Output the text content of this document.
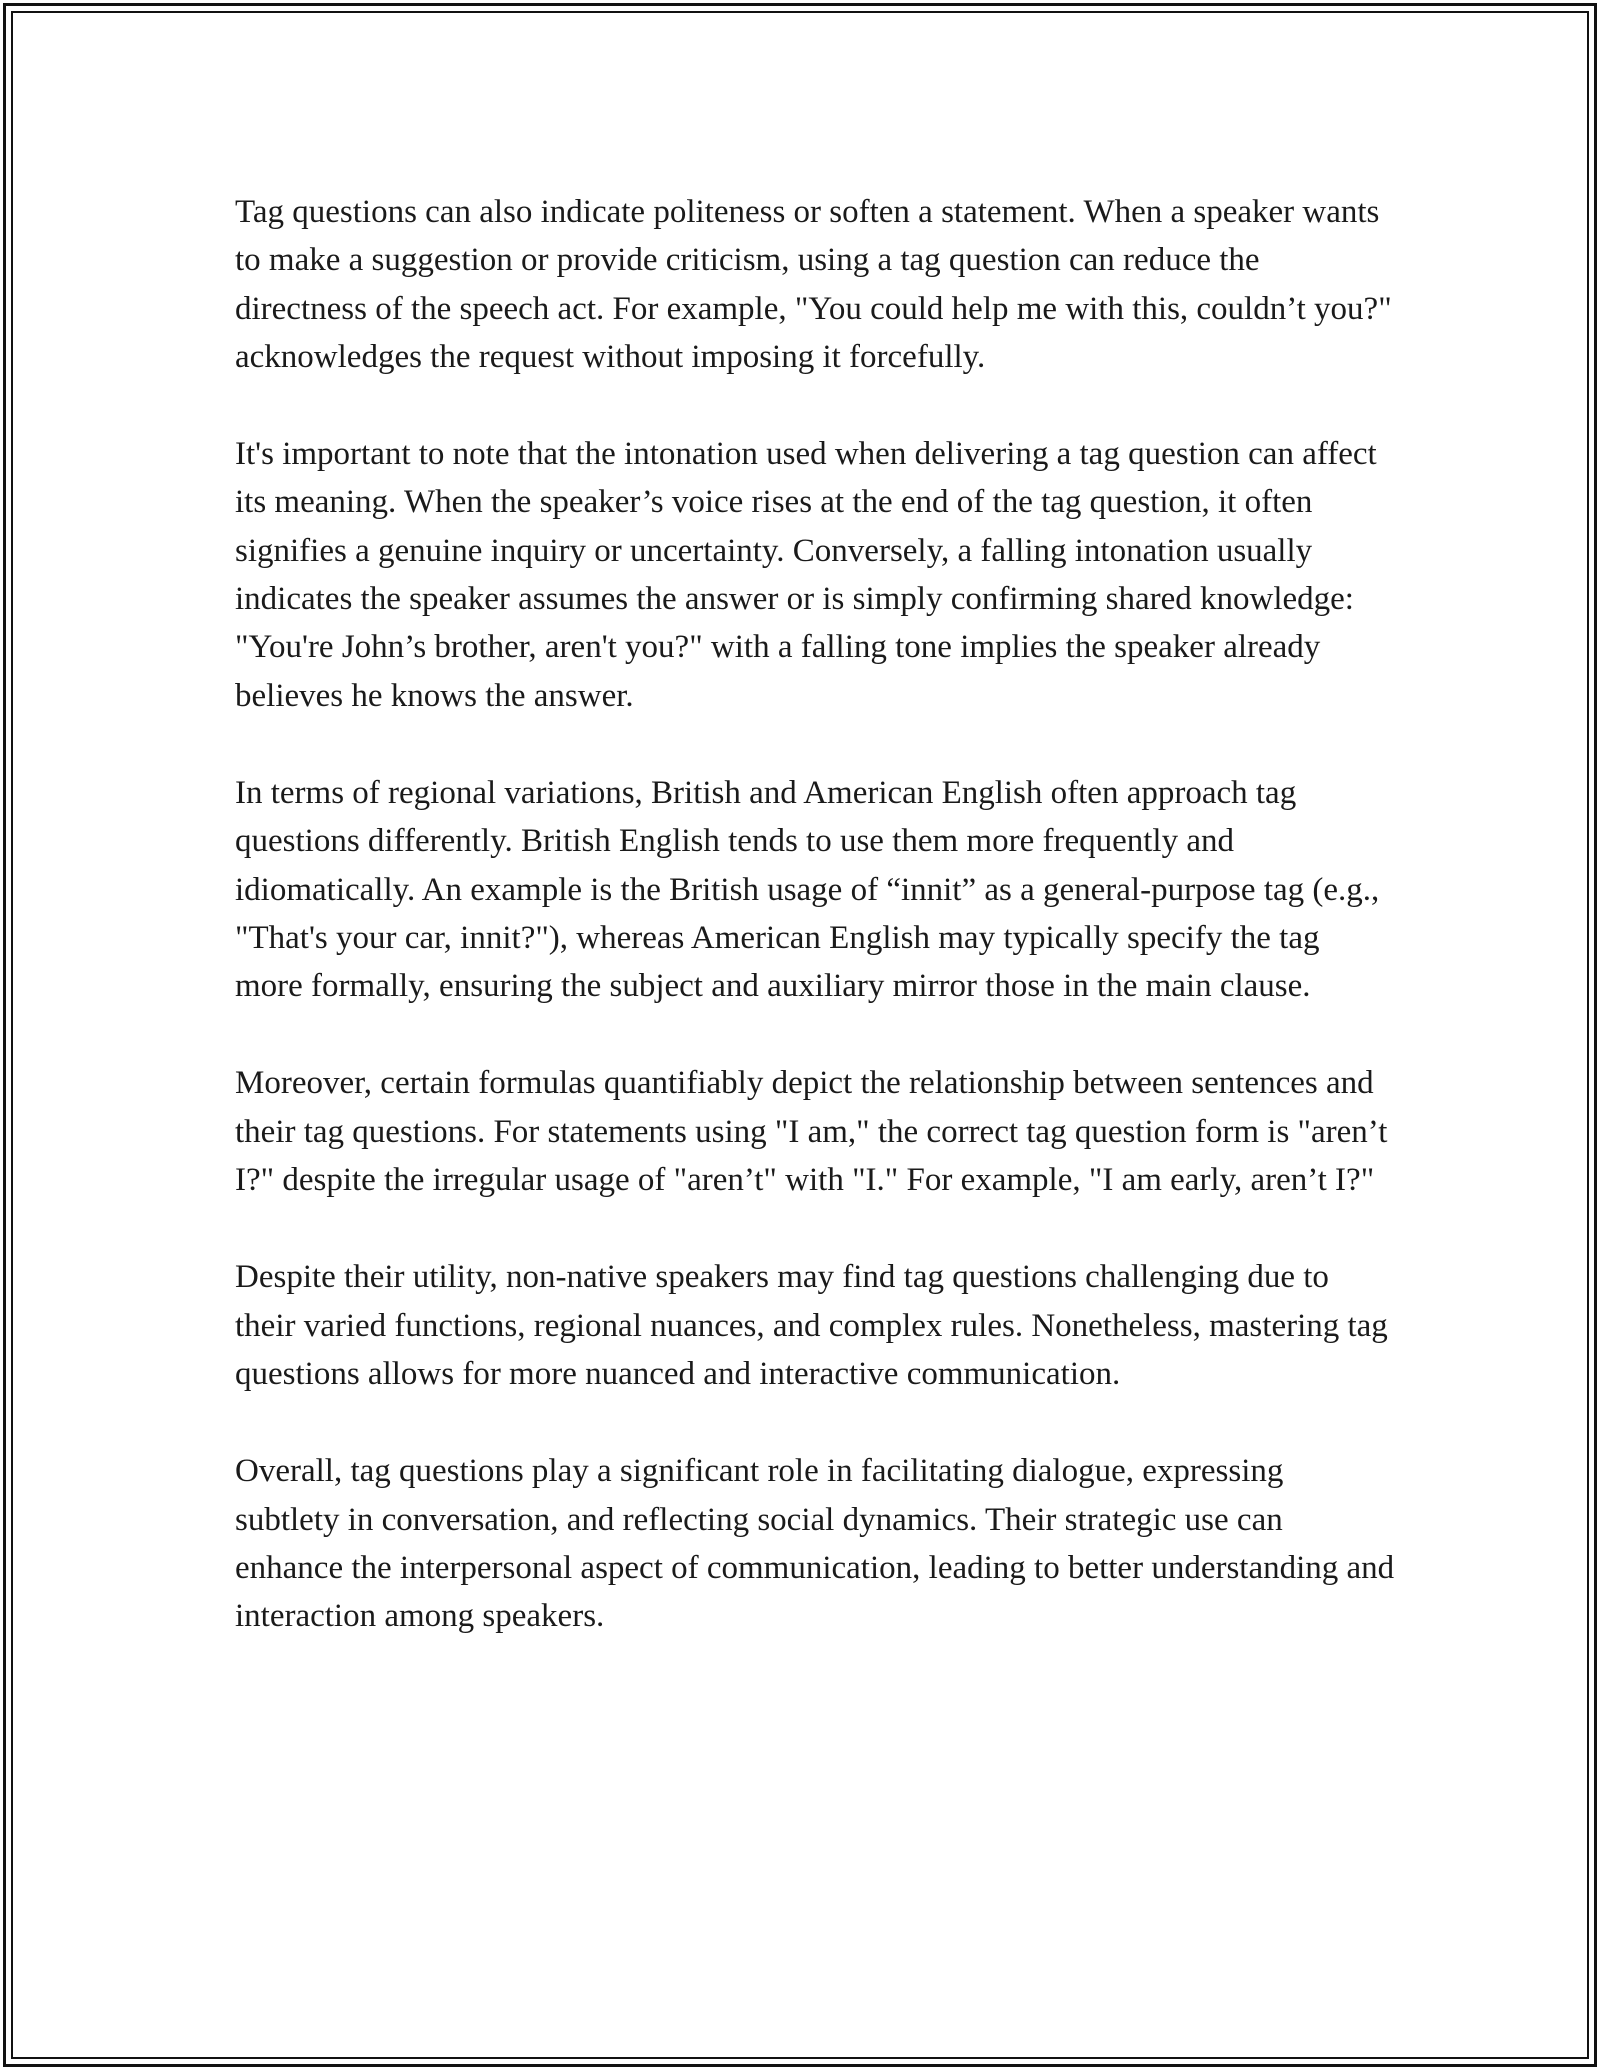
Tag questions can also indicate politeness or soften a statement. When a speaker wants to make a suggestion or provide criticism, using a tag question can reduce the directness of the speech act. For example, "You could help me with this, couldn’t you?" acknowledges the request without imposing it forcefully.

It's important to note that the intonation used when delivering a tag question can affect its meaning. When the speaker’s voice rises at the end of the tag question, it often signifies a genuine inquiry or uncertainty. Conversely, a falling intonation usually indicates the speaker assumes the answer or is simply confirming shared knowledge: "You're John’s brother, aren't you?" with a falling tone implies the speaker already believes he knows the answer.

In terms of regional variations, British and American English often approach tag questions differently. British English tends to use them more frequently and idiomatically. An example is the British usage of “innit” as a general-purpose tag (e.g., "That's your car, innit?"), whereas American English may typically specify the tag more formally, ensuring the subject and auxiliary mirror those in the main clause.

Moreover, certain formulas quantifiably depict the relationship between sentences and their tag questions. For statements using "I am," the correct tag question form is "aren’t I?" despite the irregular usage of "aren’t" with "I." For example, "I am early, aren’t I?"

Despite their utility, non-native speakers may find tag questions challenging due to their varied functions, regional nuances, and complex rules. Nonetheless, mastering tag questions allows for more nuanced and interactive communication.

Overall, tag questions play a significant role in facilitating dialogue, expressing subtlety in conversation, and reflecting social dynamics. Their strategic use can enhance the interpersonal aspect of communication, leading to better understanding and interaction among speakers.
